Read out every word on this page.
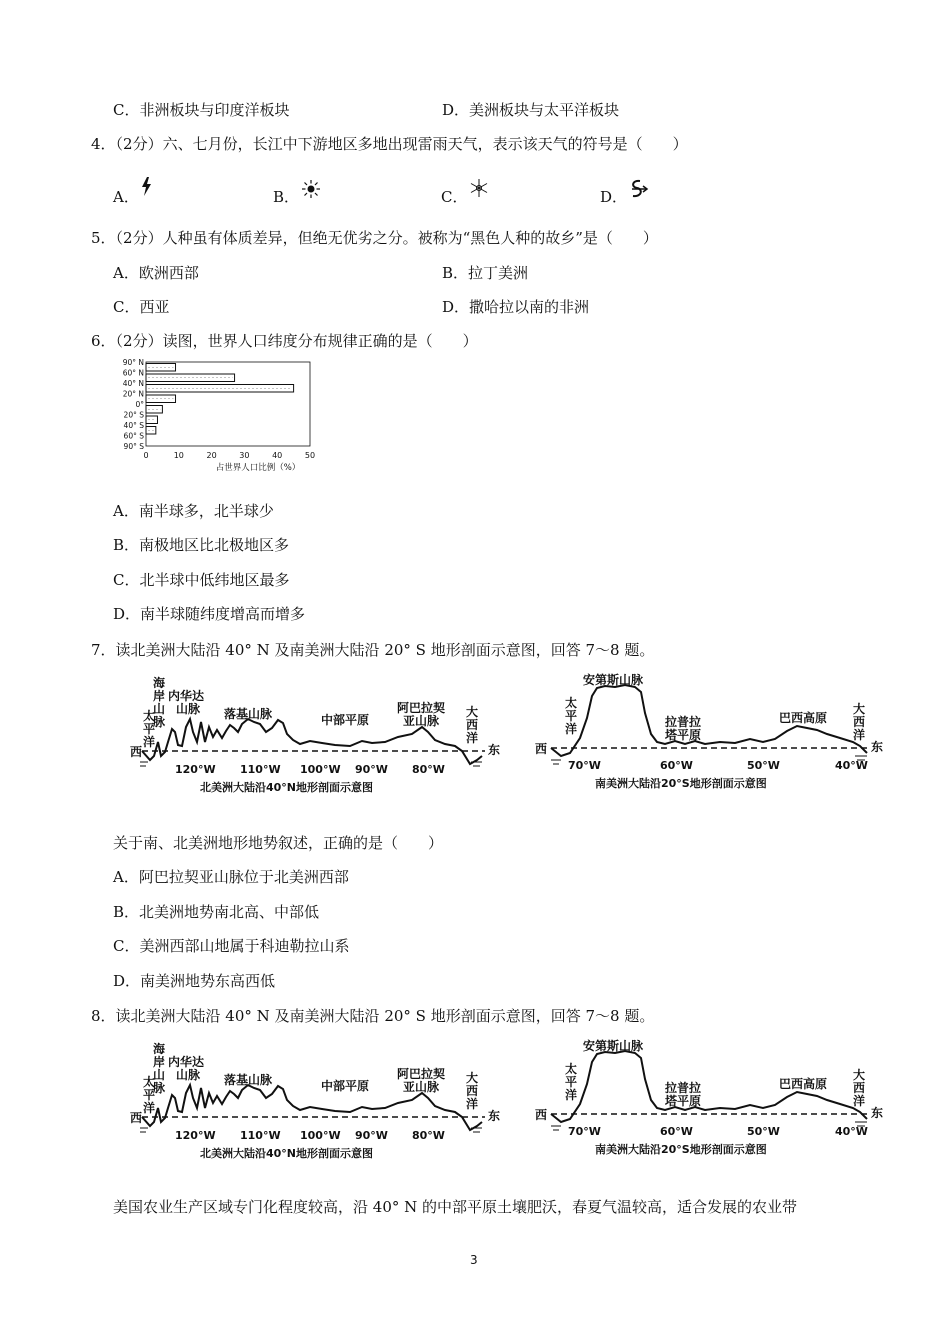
C．非洲板块与印度洋板块	D．美洲板块与太平洋板块
4．（2分）六、七月份，长江中下游地区多地出现雷雨天气，表示该天气的符号是（　　）
A．	B．	C．	D．
5．（2分）人种虽有体质差异，但绝无优劣之分。被称为“黑色人种的故乡”是（　　）
A．欧洲西部	B．拉丁美洲
C．西亚	D．撒哈拉以南的非洲
6．（2分）读图，世界人口纬度分布规律正确的是（　　）
90° N
60° N
40° N
20° N
0°
20° S
40° S
60° S
90° S
0	10	20	30	40	50
占世界人口比例（%）
A．南半球多，北半球少
B．南极地区比北极地区多
C．北半球中低纬地区最多
D．南半球随纬度增高而增多
7．读北美洲大陆沿 40° N 及南美洲大陆沿 20° S 地形剖面示意图，回答 7～8 题。
太
平
洋
海
岸
山
脉
内华达
山脉 落基山脉	中部平原
阿巴拉契
亚山脉
大
西
洋
西	东
120°W 110°W 100°W 90°W 80°W
北美洲大陆沿40°N地形剖面示意图
安第斯山脉
太
平
洋	拉普拉
塔平原
巴西高原
大
西
洋
西	东
70°W	60°W	50°W	40°W
南美洲大陆沿20°S地形剖面示意图
关于南、北美洲地形地势叙述，正确的是（　　）
A．阿巴拉契亚山脉位于北美洲西部
B．北美洲地势南北高、中部低
C．美洲西部山地属于科迪勒拉山系
D．南美洲地势东高西低
8．读北美洲大陆沿 40° N 及南美洲大陆沿 20° S 地形剖面示意图，回答 7～8 题。
太
平
洋
海
岸
山
脉
内华达
山脉 落基山脉	中部平原
阿巴拉契
亚山脉
大
西
洋
西	东
120°W 110°W 100°W 90°W 80°W
北美洲大陆沿40°N地形剖面示意图
安第斯山脉
太
平
洋	拉普拉
塔平原
巴西高原
大
西
洋
西	东
70°W	60°W	50°W	40°W
南美洲大陆沿20°S地形剖面示意图
美国农业生产区域专门化程度较高，沿 40° N 的中部平原土壤肥沃，春夏气温较高，适合发展的农业带
3
